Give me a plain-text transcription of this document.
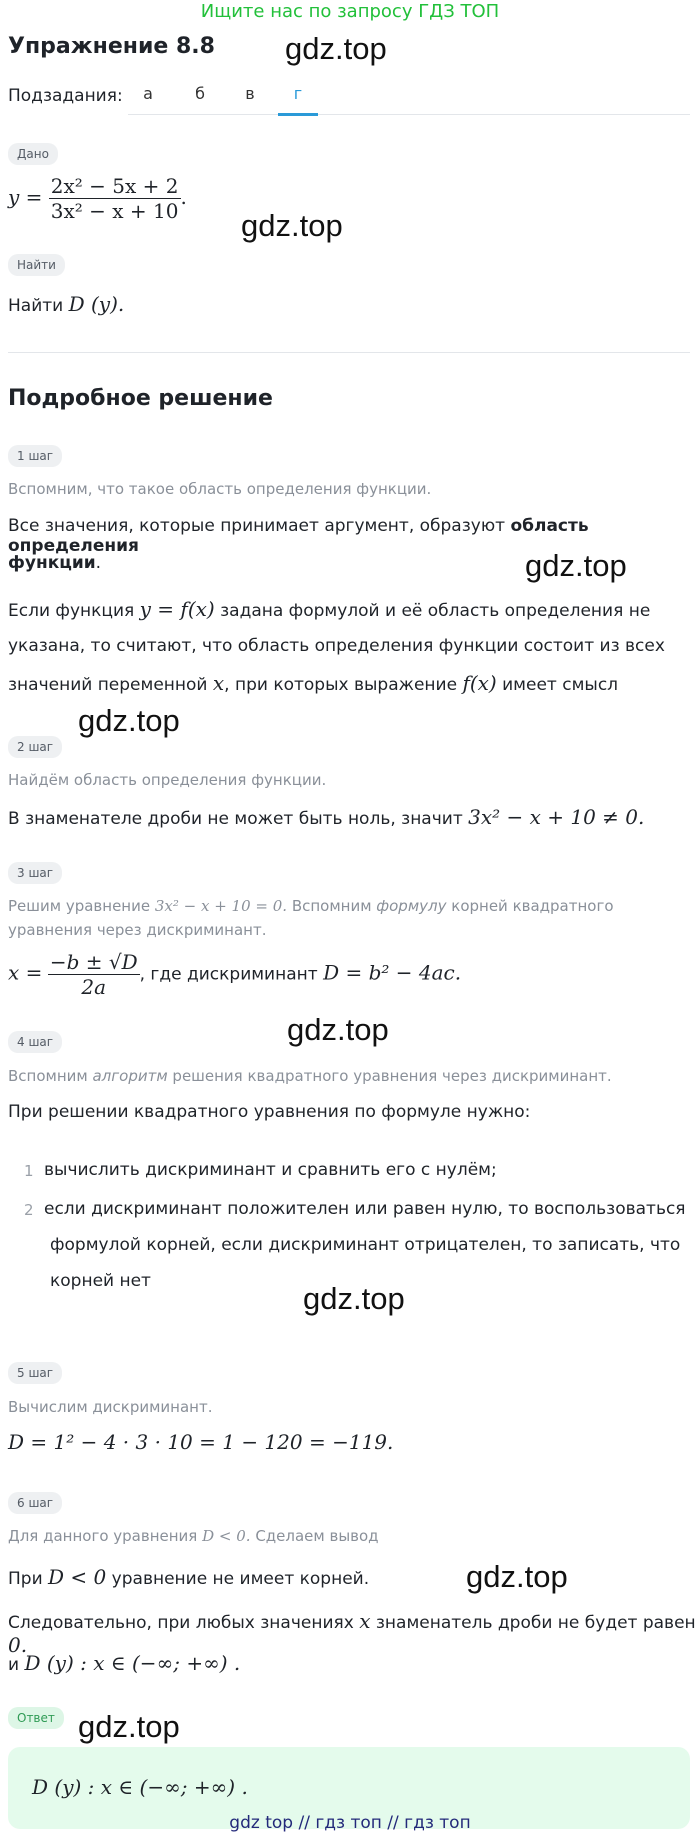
Ищите нас по запросу ГДЗ ТОП
Упражнение 8.8 gdz.top
Подзадания:	а	б	в	г
Дано
$y = \frac{\text{2x² − 5x + 2}}{\text{3x² − x + 10}}$ .
gdz.top
Найти
Найти D (y).
Подробное решение
1 шаг
Вспомним, что такое область определения функции.
Все значения, которые принимает аргумент, образуют область определения
функции.	gdz.top
Если функция y = f(x) задана формулой и её область определения не
указана, то считают, что область определения функции состоит из всех
значений переменной x, при которых выражение f(x) имеет смысл
gdz.top
2 шаг
Найдём область определения функции.
В знаменателе дроби не может быть ноль, значит 3x² − x + 10 ≠ 0.
3 шаг
Решим уравнение 3x² − x + 10 = 0. Вспомним формулу корней квадратного
уравнения через дискриминант.
$x = \frac{-b \pm √D}{2a}$ , где дискриминант D = b² − 4ac.
gdz.top
4 шаг
Вспомним алгоритм решения квадратного уравнения через дискриминант.
При решении квадратного уравнения по формуле нужно:
1 вычислить дискриминант и сравнить его с нулём;
2 если дискриминант положителен или равен нулю, то воспользоваться
формулой корней, если дискриминант отрицателен, то записать, что
корней нет	gdz.top
5 шаг
Вычислим дискриминант.
D = 1² − 4 · 3 · 10 = 1 − 120 = −119.
6 шаг
Для данного уравнения D < 0. Сделаем вывод
При D < 0 уравнение не имеет корней.	gdz.top
Следовательно, при любых значениях x знаменатель дроби не будет равен 0.
и D (y) : x ∈ (−∞; +∞) .
Ответ gdz.top
D (y) : x ∈ (−∞; +∞) .
gdz top // гдз топ // гдз топ
